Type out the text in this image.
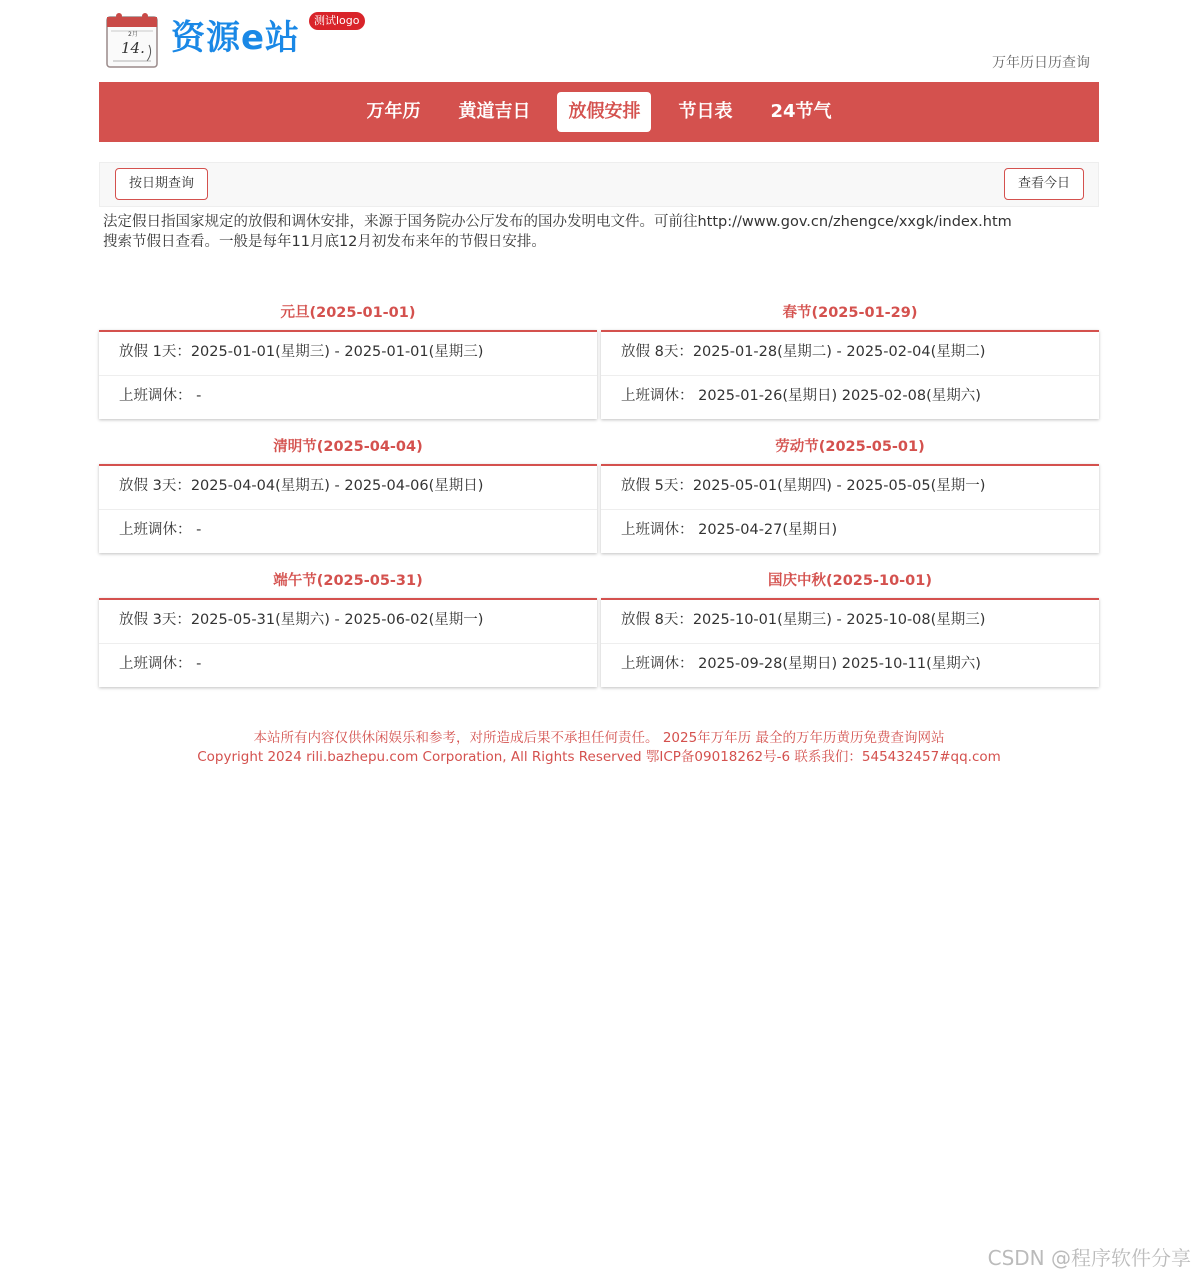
2月
14. 资源e站	测试logo
万年历日历查询
万年历	黄道吉日	放假安排	节日表	24节气
按日期查询	查看今日
法定假日指国家规定的放假和调休安排，来源于国务院办公厅发布的国办发明电文件。可前往http://www.gov.cn/zhengce/xxgk/index.htm
搜索节假日查看。一般是每年11月底12月初发布来年的节假日安排。
元旦(2025-01-01)
放假 1天：2025-01-01(星期三) - 2025-01-01(星期三)
上班调休： -
春节(2025-01-29)
放假 8天：2025-01-28(星期二) - 2025-02-04(星期二)
上班调休： 2025-01-26(星期日) 2025-02-08(星期六)
清明节(2025-04-04)
放假 3天：2025-04-04(星期五) - 2025-04-06(星期日)
上班调休： -
劳动节(2025-05-01)
放假 5天：2025-05-01(星期四) - 2025-05-05(星期一)
上班调休： 2025-04-27(星期日)
端午节(2025-05-31)
放假 3天：2025-05-31(星期六) - 2025-06-02(星期一)
上班调休： -
国庆中秋(2025-10-01)
放假 8天：2025-10-01(星期三) - 2025-10-08(星期三)
上班调休： 2025-09-28(星期日) 2025-10-11(星期六)
本站所有内容仅供休闲娱乐和参考，对所造成后果不承担任何责任。 2025年万年历 最全的万年历黄历免费查询网站
Copyright 2024 rili.bazhepu.com Corporation, All Rights Reserved 鄂ICP备09018262号-6 联系我们：545432457#qq.com
CSDN @程序软件分享
